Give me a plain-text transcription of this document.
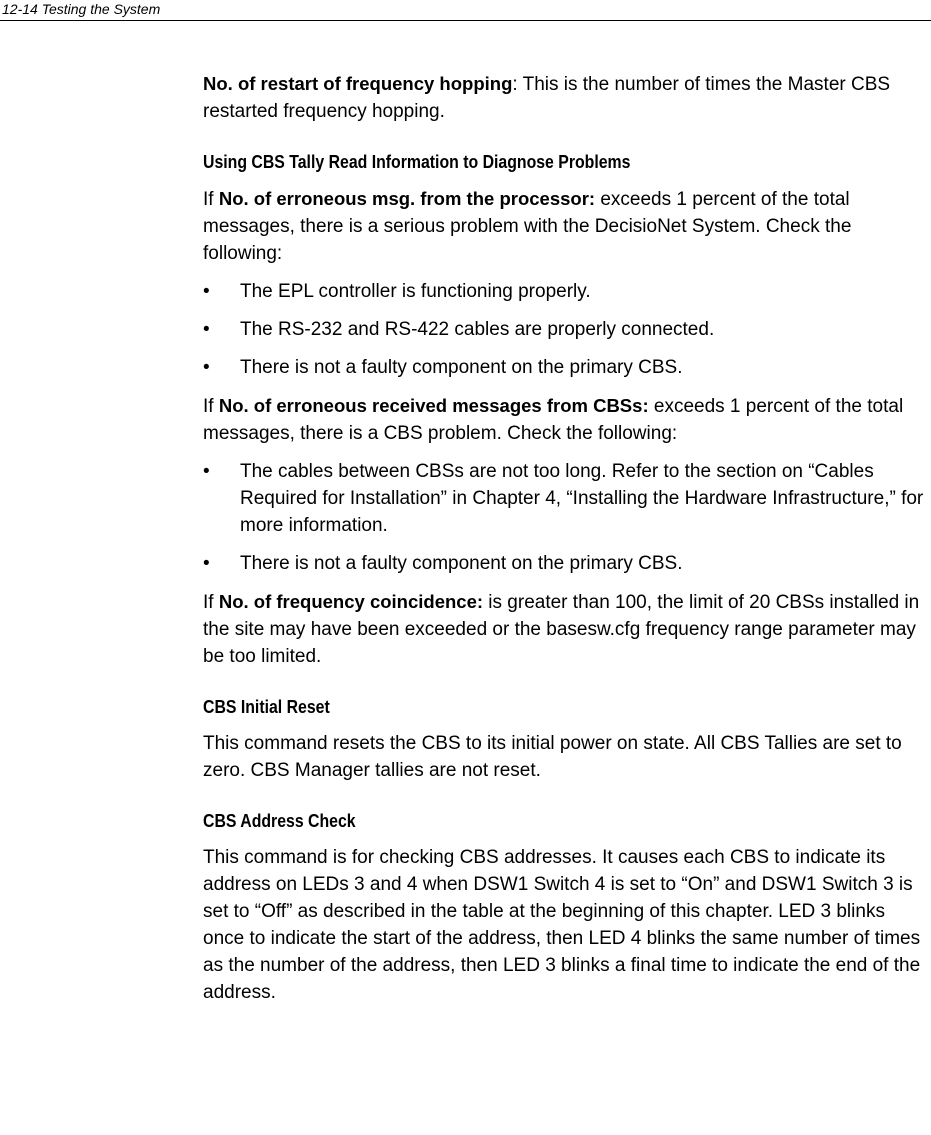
12-14 Testing the System

No. of restart of frequency hopping: This is the number of times the Master CBS restarted frequency hopping.

Using CBS Tally Read Information to Diagnose Problems

If No. of erroneous msg. from the processor: exceeds 1 percent of the total messages, there is a serious problem with the DecisioNet System. Check the following:

• The EPL controller is functioning properly.
• The RS-232 and RS-422 cables are properly connected.
• There is not a faulty component on the primary CBS.

If No. of erroneous received messages from CBSs: exceeds 1 percent of the total messages, there is a CBS problem. Check the following:

• The cables between CBSs are not too long. Refer to the section on “Cables Required for Installation” in Chapter 4, “Installing the Hardware Infrastructure,” for more information.
• There is not a faulty component on the primary CBS.

If No. of frequency coincidence: is greater than 100, the limit of 20 CBSs installed in the site may have been exceeded or the basesw.cfg frequency range parameter may be too limited.

CBS Initial Reset

This command resets the CBS to its initial power on state. All CBS Tallies are set to zero. CBS Manager tallies are not reset.

CBS Address Check

This command is for checking CBS addresses. It causes each CBS to indicate its address on LEDs 3 and 4 when DSW1 Switch 4 is set to “On” and DSW1 Switch 3 is set to “Off” as described in the table at the beginning of this chapter. LED 3 blinks once to indicate the start of the address, then LED 4 blinks the same number of times as the number of the address, then LED 3 blinks a final time to indicate the end of the address.
